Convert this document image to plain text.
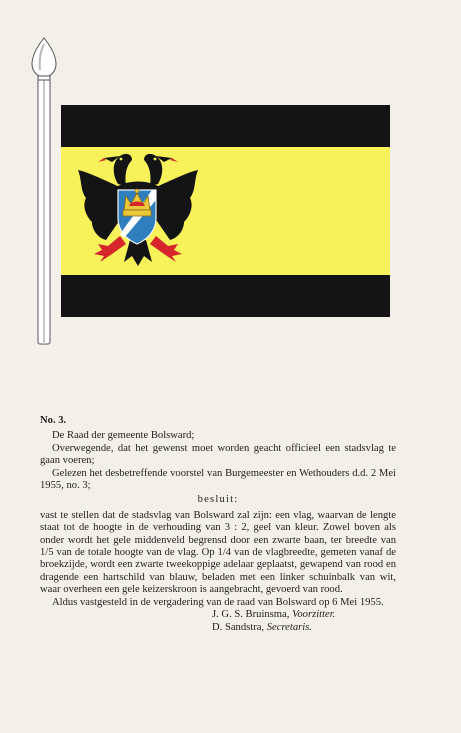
No. 3.

De Raad der gemeente Bolsward;

Overwegende, dat het gewenst moet worden geacht officieel een stadsvlag te gaan voeren;

Gelezen het desbetreffende voorstel van Burgemeester en Wethouders d.d. 2 Mei 1955, no. 3;

besluit:

vast te stellen dat de stadsvlag van Bolsward zal zijn: een vlag, waarvan de lengte staat tot de hoogte in de verhouding van 3 : 2, geel van kleur. Zowel boven als onder wordt het gele middenveld begrensd door een zwarte baan, ter breedte van 1/5 van de totale hoogte van de vlag. Op 1/4 van de vlagbreedte, gemeten vanaf de broekzijde, wordt een zwarte tweekoppige adelaar geplaatst, gewapend van rood en dragende een hartschild van blauw, beladen met een linker schuinbalk van wit, waar overheen een gele keizerskroon is aangebracht, gevoerd van rood.

Aldus vastgesteld in de vergadering van de raad van Bolsward op 6 Mei 1955.

J. G. S. Bruinsma, Voorzitter.

D. Sandstra, Secretaris.
